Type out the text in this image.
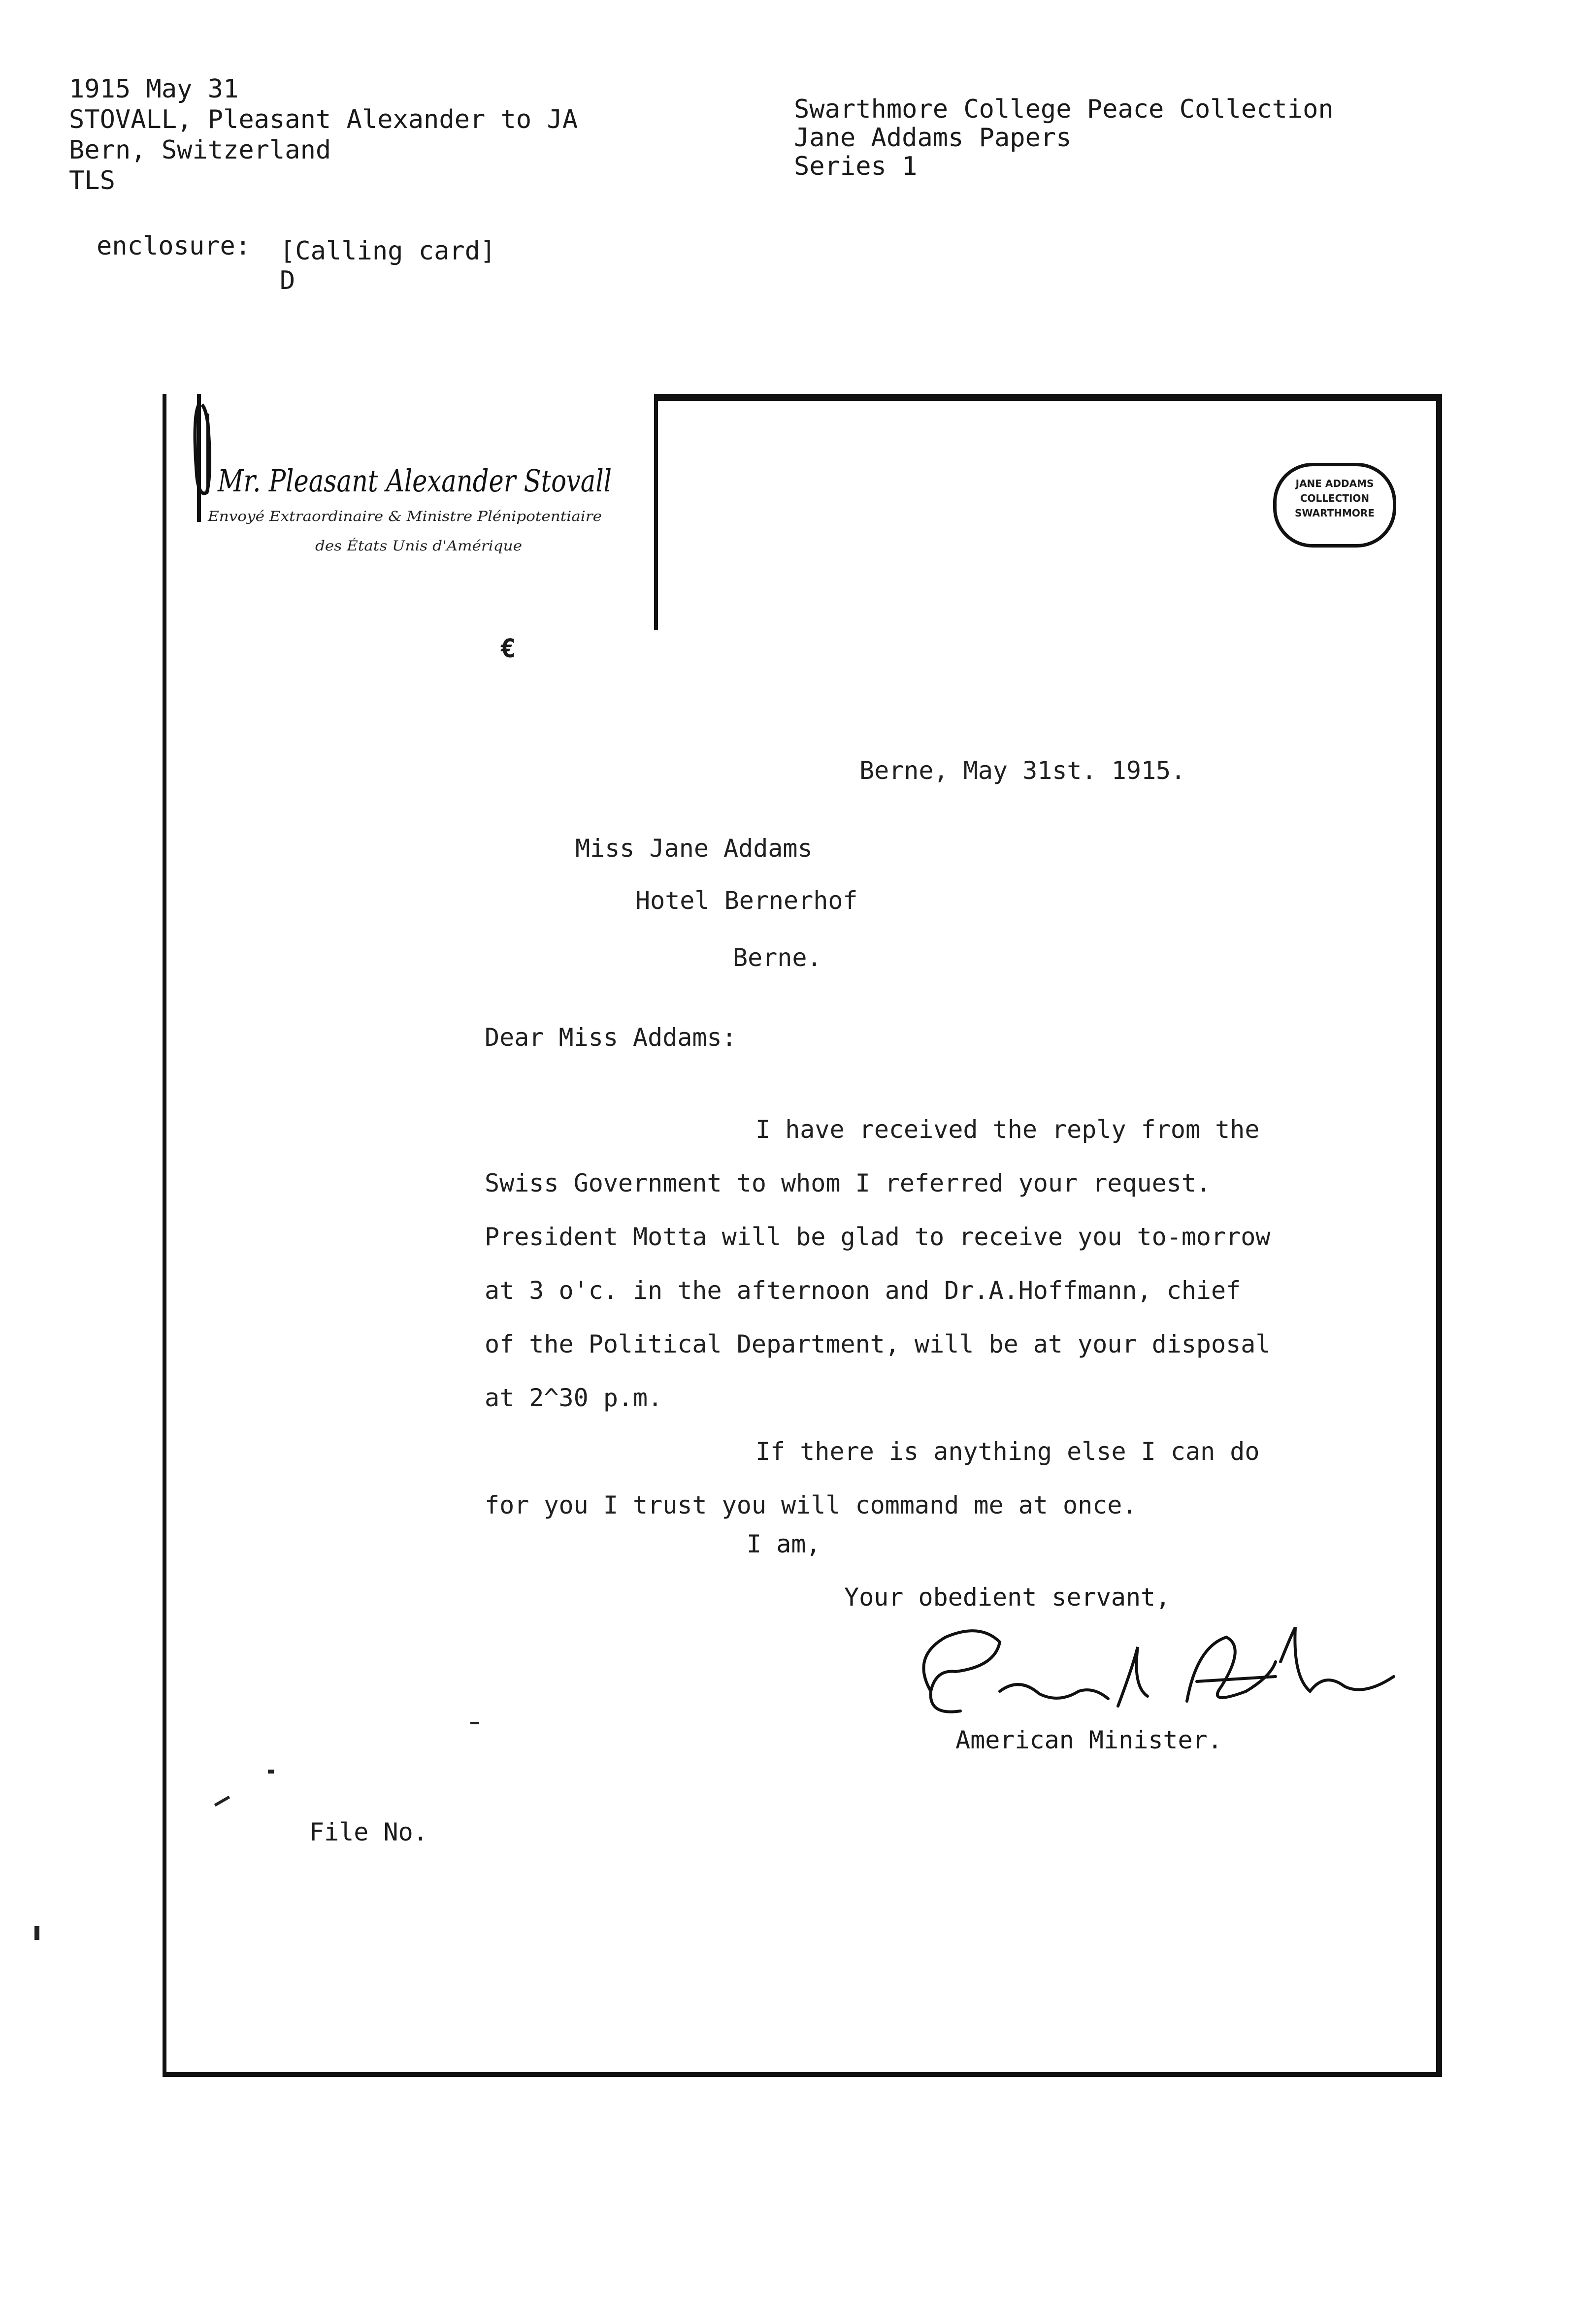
1915 May 31
STOVALL, Pleasant Alexander to JA
Bern, Switzerland
TLS
Swarthmore College Peace Collection
Jane Addams Papers
Series 1
enclosure: [Calling card]
D
Mr. Pleasant Alexander Stovall
Envoyé Extraordinaire & Ministre Plénipotentiaire
des États Unis d'Amérique
JANE ADDAMS
COLLECTION
SWARTHMORE
€
Berne, May 31st. 1915.
Miss Jane Addams
Hotel Bernerhof
Berne.
Dear Miss Addams:
I have received the reply from the
Swiss Government to whom I referred your request.
President Motta will be glad to receive you to-morrow
at 3 o'c. in the afternoon and Dr.A.Hoffmann, chief
of the Political Department, will be at your disposal
at 2^30 p.m.
If there is anything else I can do
for you I trust you will command me at once.
I am,
Your obedient servant,
American Minister.
File No.
